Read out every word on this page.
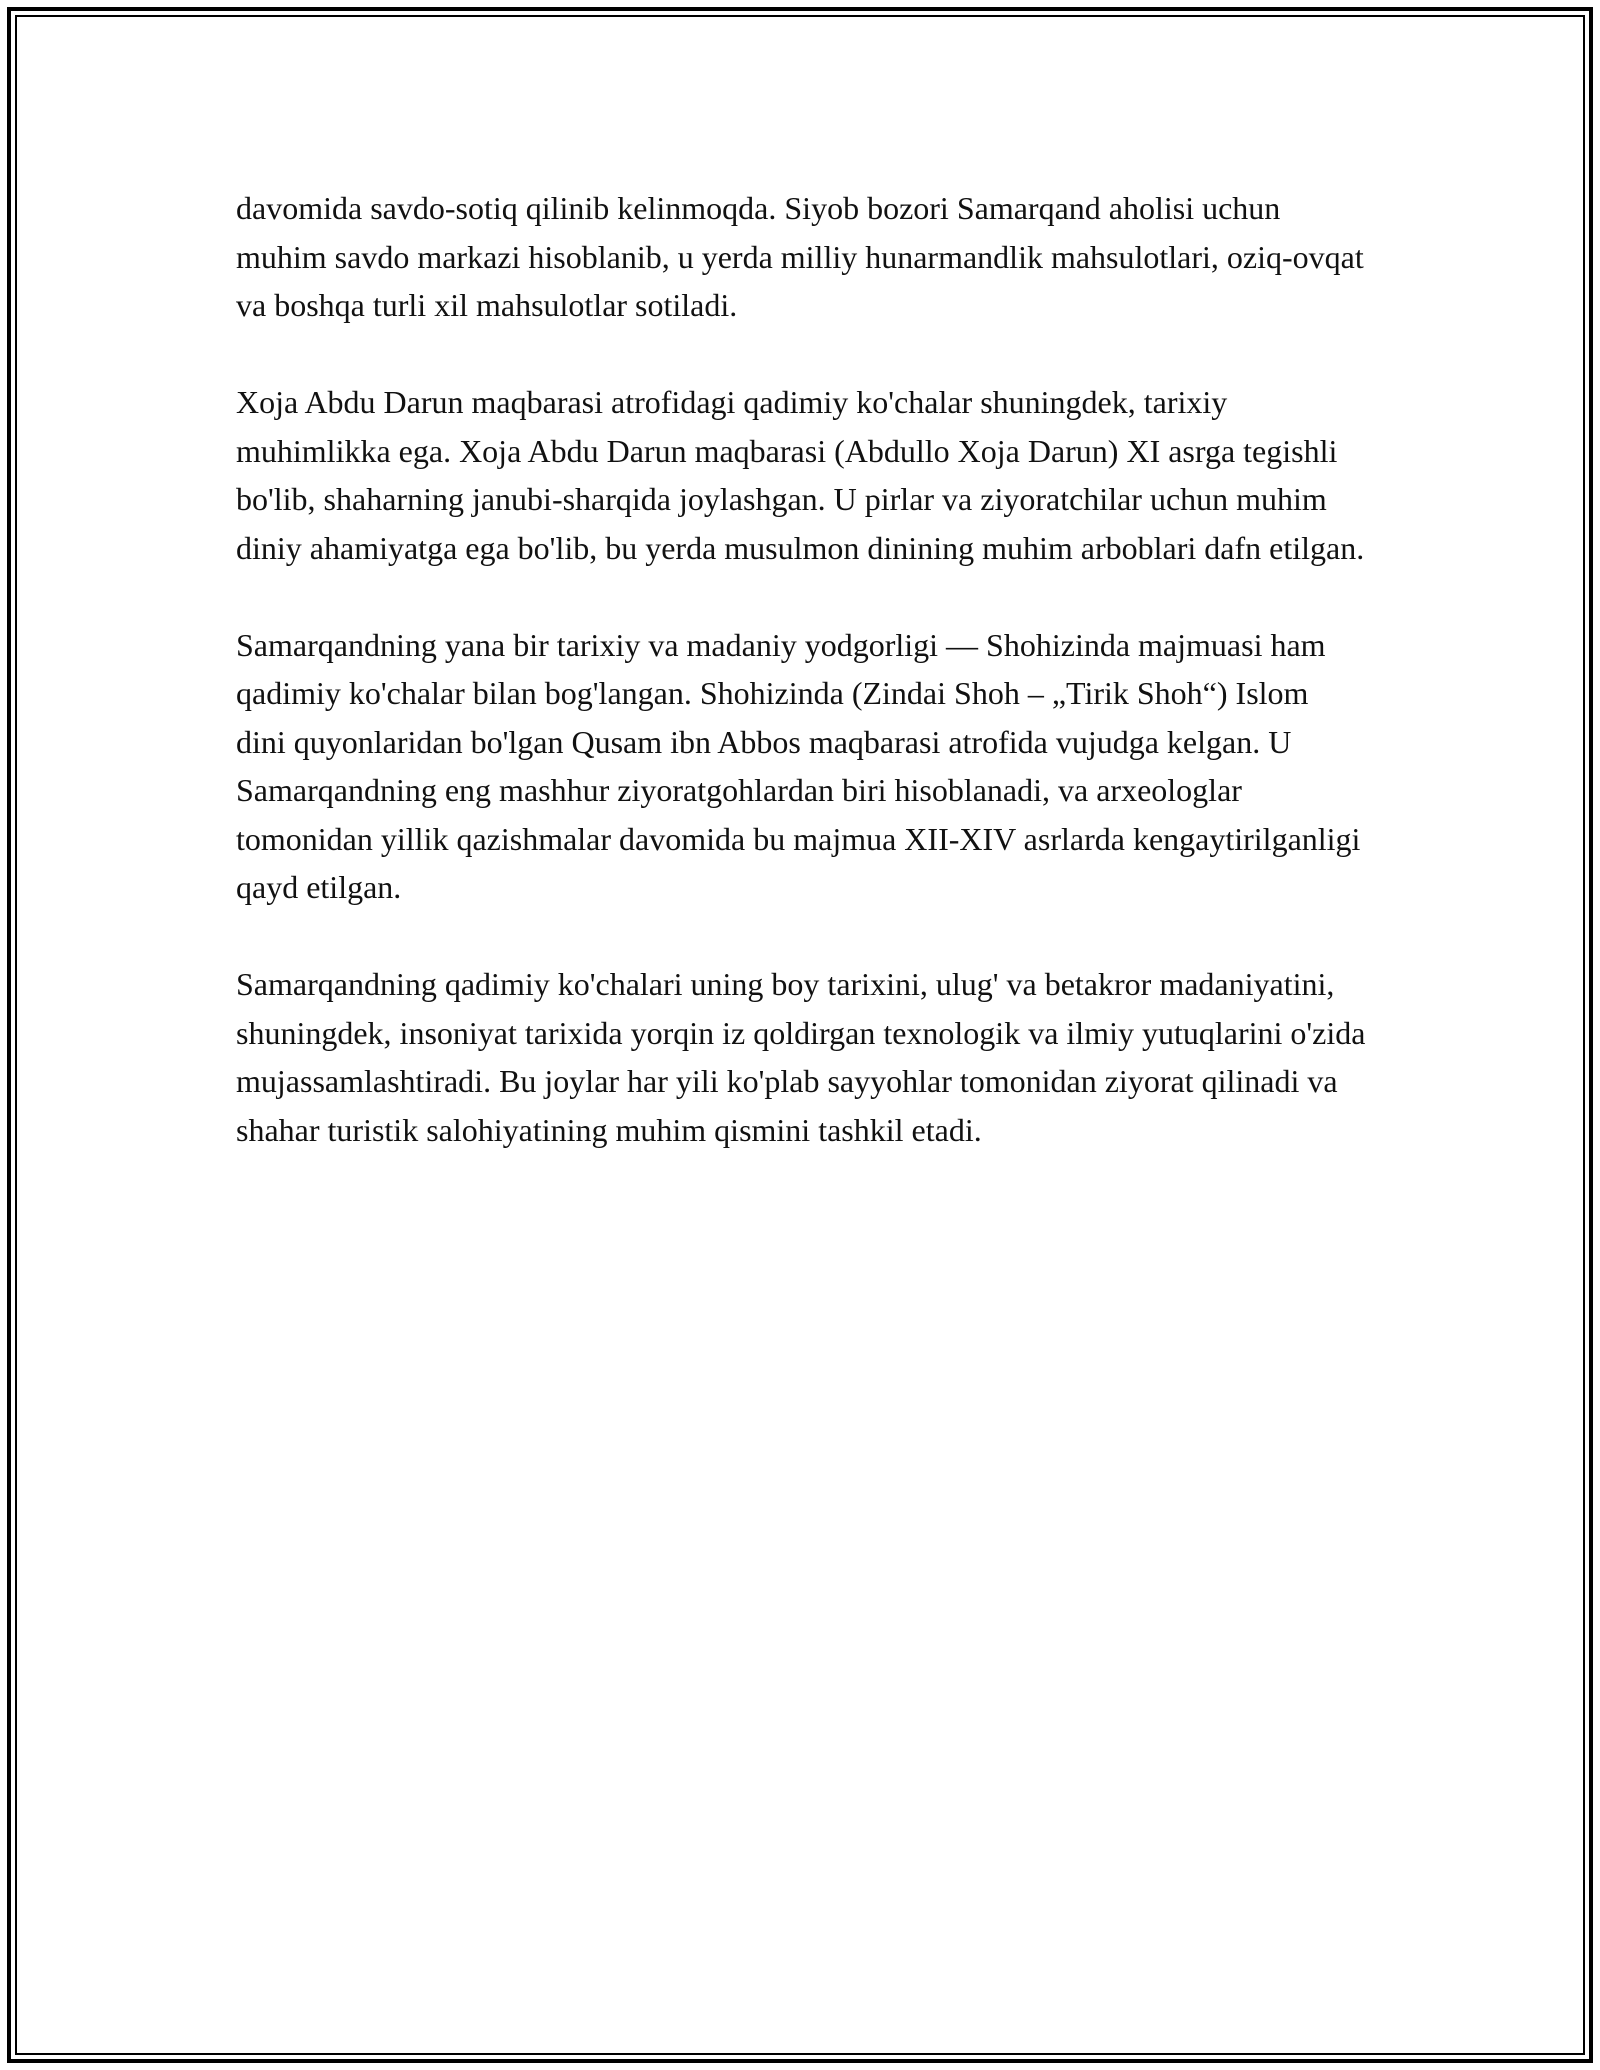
davomida savdo-sotiq qilinib kelinmoqda. Siyob bozori Samarqand aholisi uchun muhim savdo markazi hisoblanib, u yerda milliy hunarmandlik mahsulotlari, oziq-ovqat va boshqa turli xil mahsulotlar sotiladi.

Xoja Abdu Darun maqbarasi atrofidagi qadimiy ko'chalar shuningdek, tarixiy muhimlikka ega. Xoja Abdu Darun maqbarasi (Abdullo Xoja Darun) XI asrga tegishli bo'lib, shaharning janubi-sharqida joylashgan. U pirlar va ziyoratchilar uchun muhim diniy ahamiyatga ega bo'lib, bu yerda musulmon dinining muhim arboblari dafn etilgan.

Samarqandning yana bir tarixiy va madaniy yodgorligi — Shohizinda majmuasi ham qadimiy ko'chalar bilan bog'langan. Shohizinda (Zindai Shoh – „Tirik Shoh“) Islom dini quyonlaridan bo'lgan Qusam ibn Abbos maqbarasi atrofida vujudga kelgan. U Samarqandning eng mashhur ziyoratgohlardan biri hisoblanadi, va arxeologlar tomonidan yillik qazishmalar davomida bu majmua XII-XIV asrlarda kengaytirilganligi qayd etilgan.

Samarqandning qadimiy ko'chalari uning boy tarixini, ulug' va betakror madaniyatini, shuningdek, insoniyat tarixida yorqin iz qoldirgan texnologik va ilmiy yutuqlarini o'zida mujassamlashtiradi. Bu joylar har yili ko'plab sayyohlar tomonidan ziyorat qilinadi va shahar turistik salohiyatining muhim qismini tashkil etadi.
